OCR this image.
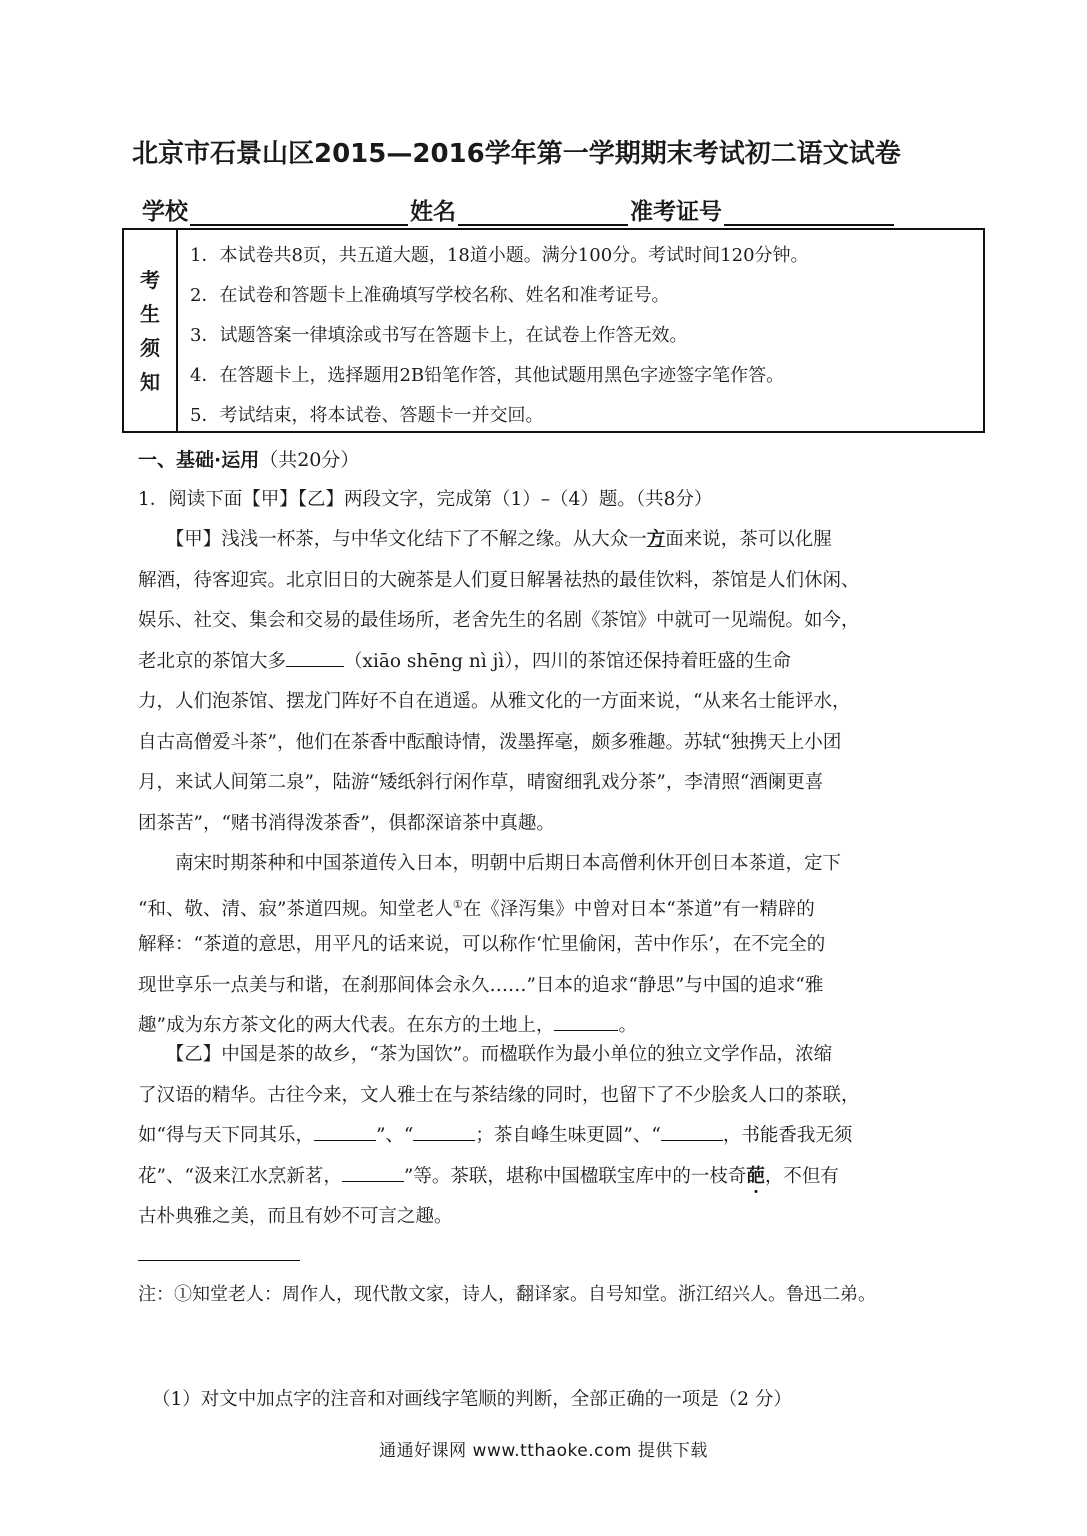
北京市石景山区2015—2016学年第一学期期末考试初二语文试卷
学校	姓名	准考证号
考
生
须
知
1．本试卷共8页，共五道大题，18道小题。满分100分。考试时间120分钟。
2．在试卷和答题卡上准确填写学校名称、姓名和准考证号。
3．试题答案一律填涂或书写在答题卡上，在试卷上作答无效。
4．在答题卡上，选择题用2B铅笔作答，其他试题用黑色字迹签字笔作答。
5．考试结束，将本试卷、答题卡一并交回。
一、基础·运用（共20分）
1．阅读下面【甲】【乙】两段文字，完成第（1）–（4）题。（共8分）
　　【甲】浅浅一杯茶，与中华文化结下了不解之缘。从大众一方面来说，茶可以化腥
解酒，待客迎宾。北京旧日的大碗茶是人们夏日解暑祛热的最佳饮料，茶馆是人们休闲、
娱乐、社交、集会和交易的最佳场所，老舍先生的名剧《茶馆》中就可一见端倪。如今，
老北京的茶馆大多	（xiāo shēng nì jì），四川的茶馆还保持着旺盛的生命
力，人们泡茶馆、摆龙门阵好不自在逍遥。从雅文化的一方面来说，“从来名士能评水，
自古高僧爱斗茶”，他们在茶香中酝酿诗情，泼墨挥毫，颇多雅趣。苏轼“独携天上小团
月，来试人间第二泉”，陆游“矮纸斜行闲作草，晴窗细乳戏分茶”，李清照“酒阑更喜
团茶苦”，“赌书消得泼茶香”，俱都深谙茶中真趣。
　　南宋时期茶种和中国茶道传入日本，明朝中后期日本高僧利休开创日本茶道，定下
“和、敬、清、寂”茶道四规。知堂老人①在《泽泻集》中曾对日本“茶道”有一精辟的
解释：“茶道的意思，用平凡的话来说，可以称作‘忙里偷闲，苦中作乐’，在不完全的
现世享乐一点美与和谐，在刹那间体会永久……”日本的追求“静思”与中国的追求“雅
趣”成为东方茶文化的两大代表。在东方的土地上，	。
　　【乙】中国是茶的故乡，“茶为国饮”。而楹联作为最小单位的独立文学作品，浓缩
了汉语的精华。古往今来，文人雅士在与茶结缘的同时，也留下了不少脍炙人口的茶联，
如“得与天下同其乐，	”、“	；茶自峰生味更圆”、“	，书能香我无须
花”、“汲来江水烹新茗，	”等。茶联，堪称中国楹联宝库中的一枝奇葩，不但有
古朴典雅之美，而且有妙不可言之趣。
注：①知堂老人：周作人，现代散文家，诗人，翻译家。自号知堂。浙江绍兴人。鲁迅二弟。
（1）对文中加点字的注音和对画线字笔顺的判断，全部正确的一项是（2 分）
通通好课网 www.tthaoke.com 提供下载
